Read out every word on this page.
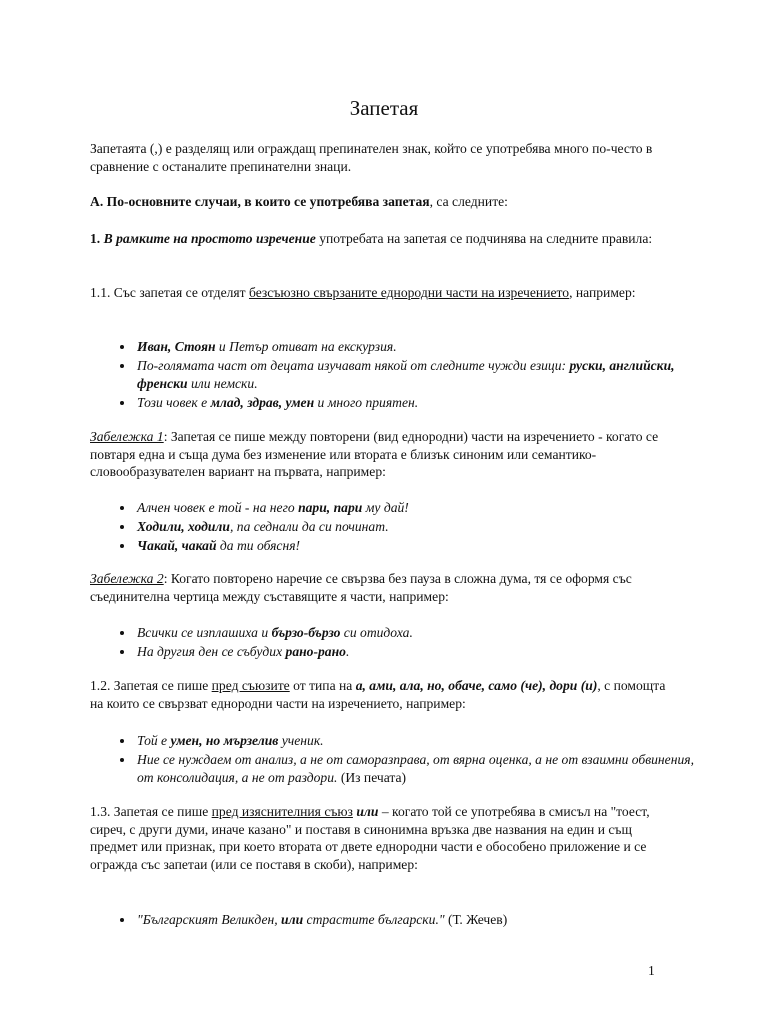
Запетая

Запетаята (,) е разделящ или ограждащ препинателен знак, който се употребява много по-често в сравнение с останалите препинателни знаци.

А. По-основните случаи, в които се употребява запетая, са следните:

1. В рамките на простото изречение употребата на запетая се подчинява на следните правила:

1.1. Със запетая се отделят безсъюзно свързаните еднородни части на изречението, например:

• Иван, Стоян и Петър отиват на екскурзия.
• По-голямата част от децата изучават някой от следните чужди езици: руски, английски, френски или немски.
• Този човек е млад, здрав, умен и много приятен.

Забележка 1: Запетая се пише между повторени (вид еднородни) части на изречението - когато се повтаря една и съща дума без изменение или втората е близък синоним или семантико-словообразувателен вариант на първата, например:

• Алчен човек е той - на него пари, пари му дай!
• Ходили, ходили, па седнали да си починат.
• Чакай, чакай да ти обясня!

Забележка 2: Когато повторено наречие се свързва без пауза в сложна дума, тя се оформя със съединителна чертица между съставящите я части, например:

• Всички се изплашиха и бързо-бързо си отидоха.
• На другия ден се събудих рано-рано.

1.2. Запетая се пише пред съюзите от типа на а, ами, ала, но, обаче, само (че), дори (и), с помощта на които се свързват еднородни части на изречението, например:

• Той е умен, но мързелив ученик.
• Ние се нуждаем от анализ, а не от саморазправа, от вярна оценка, а не от взаимни обвинения, от консолидация, а не от раздори. (Из печата)

1.3. Запетая се пише пред изяснителния съюз или – когато той се употребява в смисъл на "тоест, сиреч, с други думи, иначе казано" и поставя в синонимна връзка две названия на един и същ предмет или признак, при което втората от двете еднородни части е обособено приложение и се огражда със запетаи (или се поставя в скоби), например:

• "Българският Великден, или страстите български." (Т. Жечев)
1
